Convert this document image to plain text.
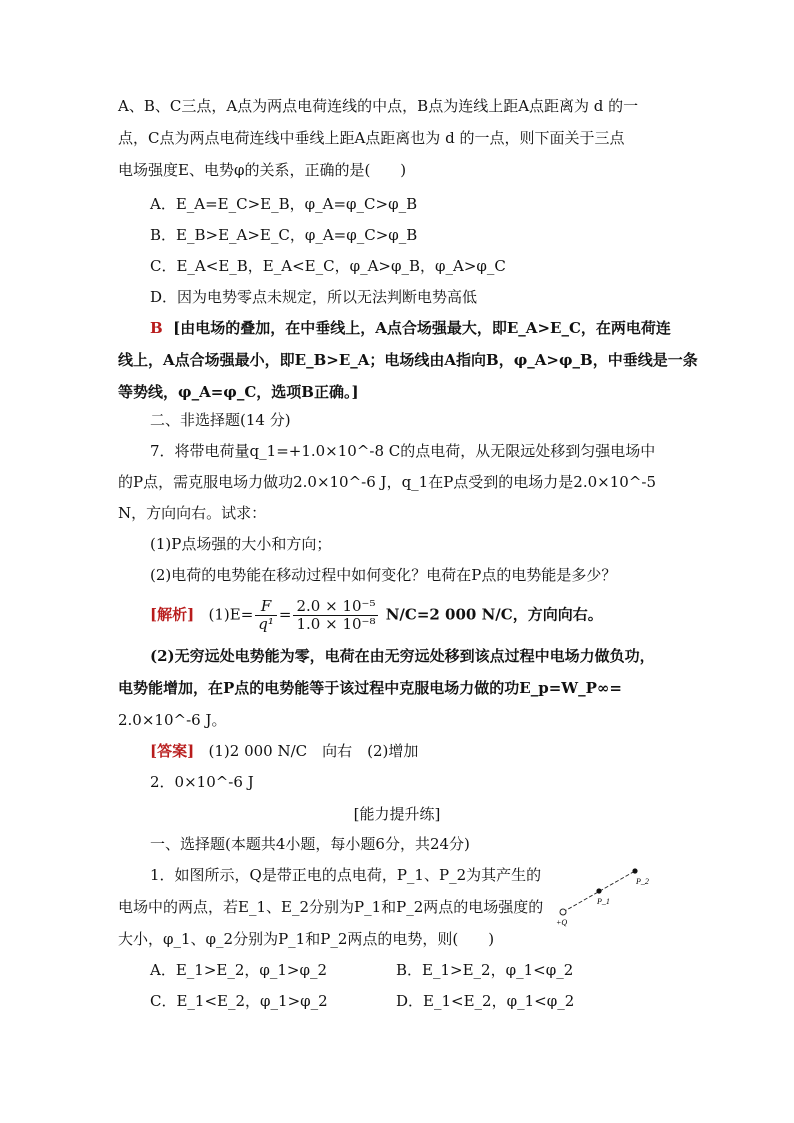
A、B、C三点，A点为两点电荷连线的中点，B点为连线上距A点距离为 d 的一
点，C点为两点电荷连线中垂线上距A点距离也为 d 的一点，则下面关于三点
电场强度E、电势φ的关系，正确的是(　　)
A．E_A=E_C>E_B，φ_A=φ_C>φ_B
B．E_B>E_A>E_C，φ_A=φ_C>φ_B
C．E_A<E_B，E_A<E_C，φ_A>φ_B，φ_A>φ_C
D．因为电势零点未规定，所以无法判断电势高低
B [由电场的叠加，在中垂线上，A点合场强最大，即E_A>E_C，在两电荷连
线上，A点合场强最小，即E_B>E_A；电场线由A指向B，φ_A>φ_B，中垂线是一条
等势线，φ_A=φ_C，选项B正确。]
二、非选择题(14 分)
7．将带电荷量q_1=+1.0×10^-8 C的点电荷，从无限远处移到匀强电场中
的P点，需克服电场力做功2.0×10^-6 J，q_1在P点受到的电场力是2.0×10^-5
N，方向向右。试求：
(1)P点场强的大小和方向；
(2)电荷的电势能在移动过程中如何变化？电荷在P点的电势能是多少？
[解析] $(1)E= \frac{F}{\text{q¹}} = \frac{\text{2.0 × 10⁻⁵}}{\text{1.0 × 10⁻⁸}} N/C=2$ 000 N/C，方向向右。
(2)无穷远处电势能为零，电荷在由无穷远处移到该点过程中电场力做负功，
电势能增加，在P点的电势能等于该过程中克服电场力做的功E_p=W_P∞=
2.0×10^-6 J。
[答案] (1)2 000 N/C　向右　(2)增加
2．0×10^-6 J
[能力提升练]
一、选择题(本题共4小题，每小题6分，共24分)
1．如图所示，Q是带正电的点电荷，P_1、P_2为其产生的
电场中的两点，若E_1、E_2分别为P_1和P_2两点的电场强度的
大小，φ_1、φ_2分别为P_1和P_2两点的电势，则(　　)
A．E_1>E_2，φ_1>φ_2	B．E_1>E_2，φ_1<φ_2
C．E_1<E_2，φ_1>φ_2	D．E_1<E_2，φ_1<φ_2
+Q
P_1
P_2
